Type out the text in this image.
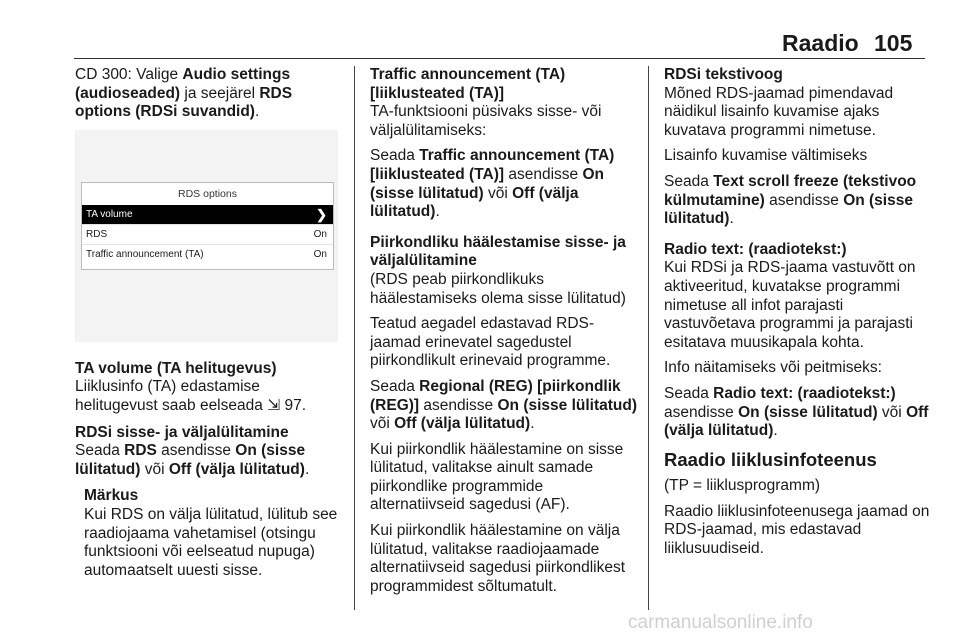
Raadio 105

CD 300: Valige Audio settings (audioseaded) ja seejärel RDS options (RDSi suvandid).

TA volume (TA helitugevus)

Liiklusinfo (TA) edastamise helitugevust saab eelseada ⇲ 97.

RDSi sisse- ja väljalülitamine

Seada RDS asendisse On (sisse lülitatud) või Off (välja lülitatud).

Märkus
Kui RDS on välja lülitatud, lülitub see raadiojaama vahetamisel (otsingu funktsiooni või eelseatud nupuga) automaatselt uuesti sisse.
RDS options
TA volume	❯
RDS	On
Traffic announcement (TA)	On

Traffic announcement (TA) [liiklusteated (TA)]

TA-funktsiooni püsivaks sisse- või väljalülitamiseks:

Seada Traffic announcement (TA) [liiklusteated (TA)] asendisse On (sisse lülitatud) või Off (välja lülitatud).

Piirkondliku häälestamise sisse- ja väljalülitamine

(RDS peab piirkondlikuks häälestamiseks olema sisse lülitatud)

Teatud aegadel edastavad RDS-jaamad erinevatel sagedustel piirkondlikult erinevaid programme.

Seada Regional (REG) [piirkondlik (REG)] asendisse On (sisse lülitatud) või Off (välja lülitatud).

Kui piirkondlik häälestamine on sisse lülitatud, valitakse ainult samade piirkondlike programmide alternatiivseid sagedusi (AF).

Kui piirkondlik häälestamine on välja lülitatud, valitakse raadiojaamade alternatiivseid sagedusi piirkondlikest programmidest sõltumatult.

RDSi tekstivoog

Mõned RDS-jaamad pimendavad näidikul lisainfo kuvamise ajaks kuvatava programmi nimetuse.

Lisainfo kuvamise vältimiseks

Seada Text scroll freeze (tekstivoo külmutamine) asendisse On (sisse lülitatud).

Radio text: (raadiotekst:)

Kui RDSi ja RDS-jaama vastuvõtt on aktiveeritud, kuvatakse programmi nimetuse all infot parajasti vastuvõetava programmi ja parajasti esitatava muusikapala kohta.

Info näitamiseks või peitmiseks:

Seada Radio text: (raadiotekst:) asendisse On (sisse lülitatud) või Off (välja lülitatud).

Raadio liiklusinfoteenus

(TP = liiklusprogramm)

Raadio liiklusinfoteenusega jaamad on RDS-jaamad, mis edastavad liiklusuudiseid.

carmanualsonline.info
